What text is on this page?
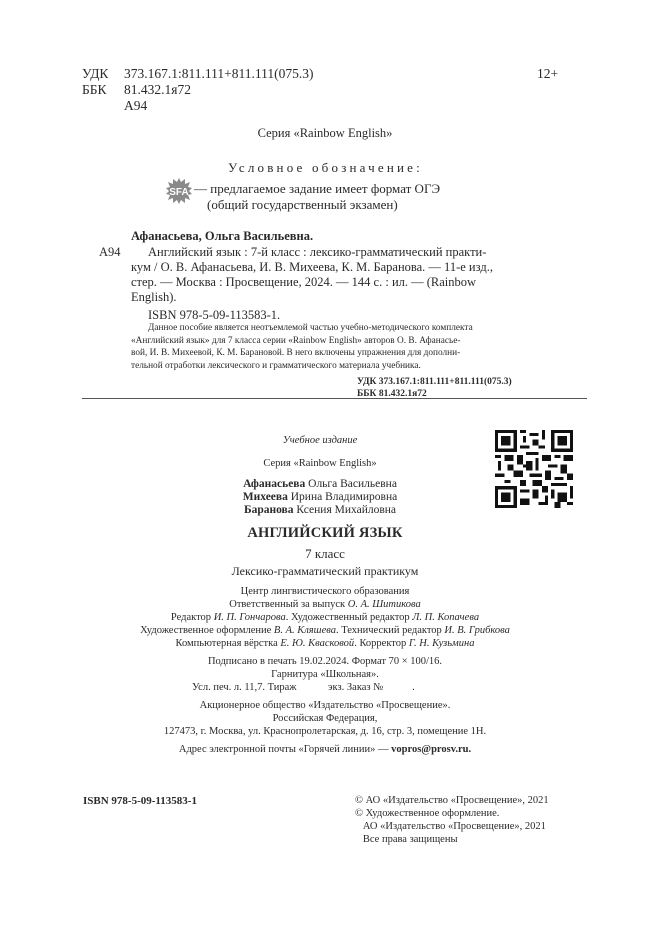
УДК 373.167.1:811.111+811.111(075.3)
ББК 81.432.1я72
А94
12+
Серия «Rainbow English»
Условное обозначение:
SFA — предлагаемое задание имеет формат ОГЭ
(общий государственный экзамен)
Афанасьева, Ольга Васильевна.
А94 Английский язык : 7-й класс : лексико-грамматический практи-
кум / О. В. Афанасьева, И. В. Михеева, К. М. Баранова. — 11-е изд.,
стер. — Москва : Просвещение, 2024. — 144 с. : ил. — (Rainbow
English).
ISBN 978-5-09-113583-1.
Данное пособие является неотъемлемой частью учебно-методического комплекта
«Английский язык» для 7 класса серии «Rainbow English» авторов О. В. Афанасье-
вой, И. В. Михеевой, К. М. Барановой. В него включены упражнения для дополни-
тельной отработки лексического и грамматического материала учебника.
УДК 373.167.1:811.111+811.111(075.3)
ББК 81.432.1я72
Учебное издание
Серия «Rainbow English»
Афанасьева Ольга Васильевна
Михеева Ирина Владимировна
Баранова Ксения Михайловна
АНГЛИЙСКИЙ ЯЗЫК
7 класс
Лексико-грамматический практикум
Центр лингвистического образования
Ответственный за выпуск О. А. Шитикова
Редактор И. П. Гончарова. Художественный редактор Л. П. Копачева
Художественное оформление В. А. Кляшева. Технический редактор И. В. Грибкова
Компьютерная вёрстка Е. Ю. Квасковой. Корректор Г. Н. Кузьмина
Подписано в печать 19.02.2024. Формат 70 × 100/16.
Гарнитура «Школьная».
Усл. печ. л. 11,7. Тираж            экз. Заказ №           .
Акционерное общество «Издательство «Просвещение».
Российская Федерация,
127473, г. Москва, ул. Краснопролетарская, д. 16, стр. 3, помещение 1Н.
Адрес электронной почты «Горячей линии» — vopros@prosv.ru.
ISBN 978-5-09-113583-1	© АО «Издательство «Просвещение», 2021
© Художественное оформление.
АО «Издательство «Просвещение», 2021
Все права защищены
